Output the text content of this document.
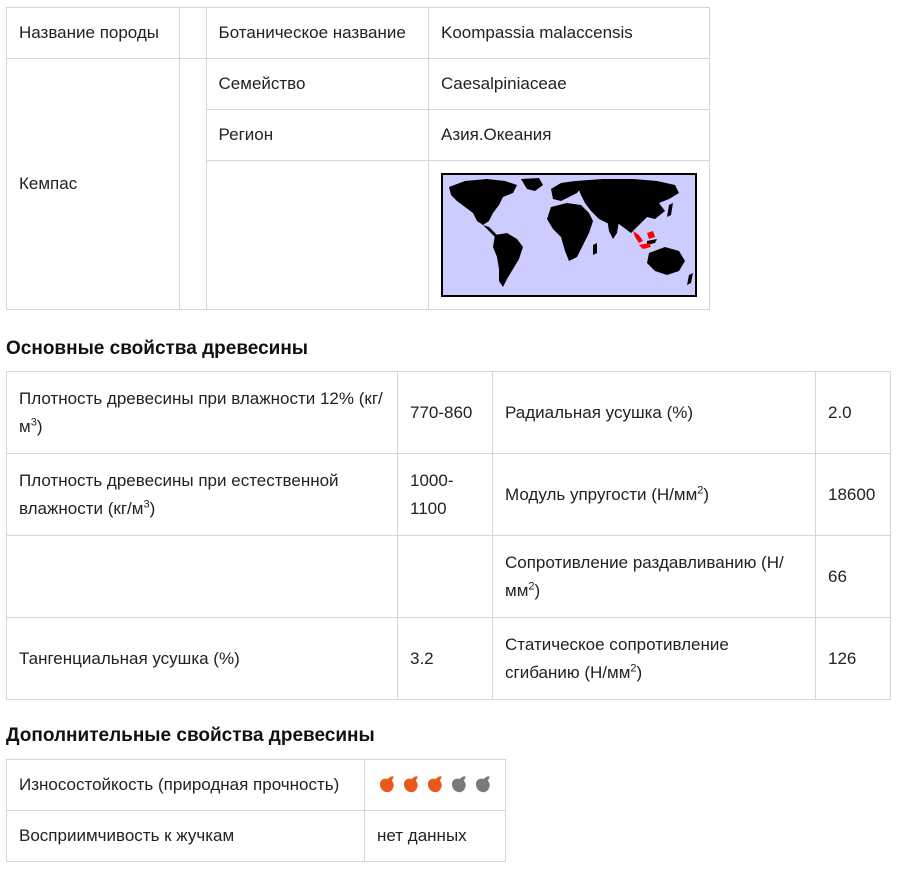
Название породы		Ботаническое название	Koompassia malaccensis
Кемпас		Семейство	Caesalpiniaceae
		Регион	Азия.Океания

Основные свойства древесины
Плотность древесины при влажности 12% $(кг/м^3)$	770-860	Радиальная усушка (%)	2.0
Плотность древесины при естественной влажности $(кг/м^3)$	1000-1100	Модуль упругости $(Н/мм^2)$	18600
		Сопротивление раздавливанию $(Н/мм^2)$	66
Тангенциальная усушка (%)	3.2	Статическое сопротивление сгибанию $(Н/мм^2)$	126
Дополнительные свойства древесины
Износостойкость (природная прочность)	

Восприимчивость к жучкам	нет данных
